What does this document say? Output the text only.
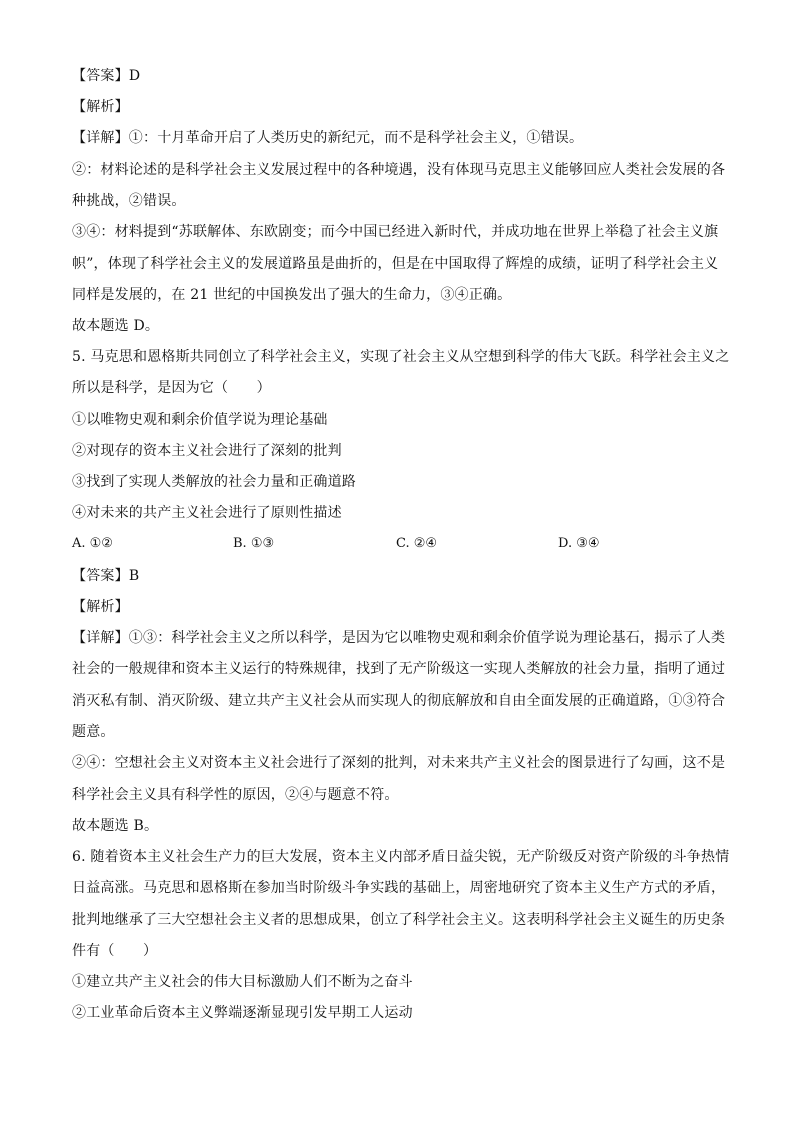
【答案】D
【解析】
【详解】①：十月革命开启了人类历史的新纪元，而不是科学社会主义，①错误。
②：材料论述的是科学社会主义发展过程中的各种境遇，没有体现马克思主义能够回应人类社会发展的各
种挑战，②错误。
③④：材料提到“苏联解体、东欧剧变；而今中国已经进入新时代，并成功地在世界上举稳了社会主义旗
帜”，体现了科学社会主义的发展道路虽是曲折的，但是在中国取得了辉煌的成绩，证明了科学社会主义
同样是发展的，在 21 世纪的中国换发出了强大的生命力，③④正确。
故本题选 D。
5. 马克思和恩格斯共同创立了科学社会主义，实现了社会主义从空想到科学的伟大飞跃。科学社会主义之
所以是科学，是因为它（　　）
①以唯物史观和剩余价值学说为理论基础
②对现存的资本主义社会进行了深刻的批判
③找到了实现人类解放的社会力量和正确道路
④对未来的共产主义社会进行了原则性描述
A. ①②	B. ①③	C. ②④	D. ③④
【答案】B
【解析】
【详解】①③：科学社会主义之所以科学，是因为它以唯物史观和剩余价值学说为理论基石，揭示了人类
社会的一般规律和资本主义运行的特殊规律，找到了无产阶级这一实现人类解放的社会力量，指明了通过
消灭私有制、消灭阶级、建立共产主义社会从而实现人的彻底解放和自由全面发展的正确道路，①③符合
题意。
②④：空想社会主义对资本主义社会进行了深刻的批判，对未来共产主义社会的图景进行了勾画，这不是
科学社会主义具有科学性的原因，②④与题意不符。
故本题选 B。
6. 随着资本主义社会生产力的巨大发展，资本主义内部矛盾日益尖锐，无产阶级反对资产阶级的斗争热情
日益高涨。马克思和恩格斯在参加当时阶级斗争实践的基础上，周密地研究了资本主义生产方式的矛盾，
批判地继承了三大空想社会主义者的思想成果，创立了科学社会主义。这表明科学社会主义诞生的历史条
件有（　　）
①建立共产主义社会的伟大目标激励人们不断为之奋斗
②工业革命后资本主义弊端逐渐显现引发早期工人运动
